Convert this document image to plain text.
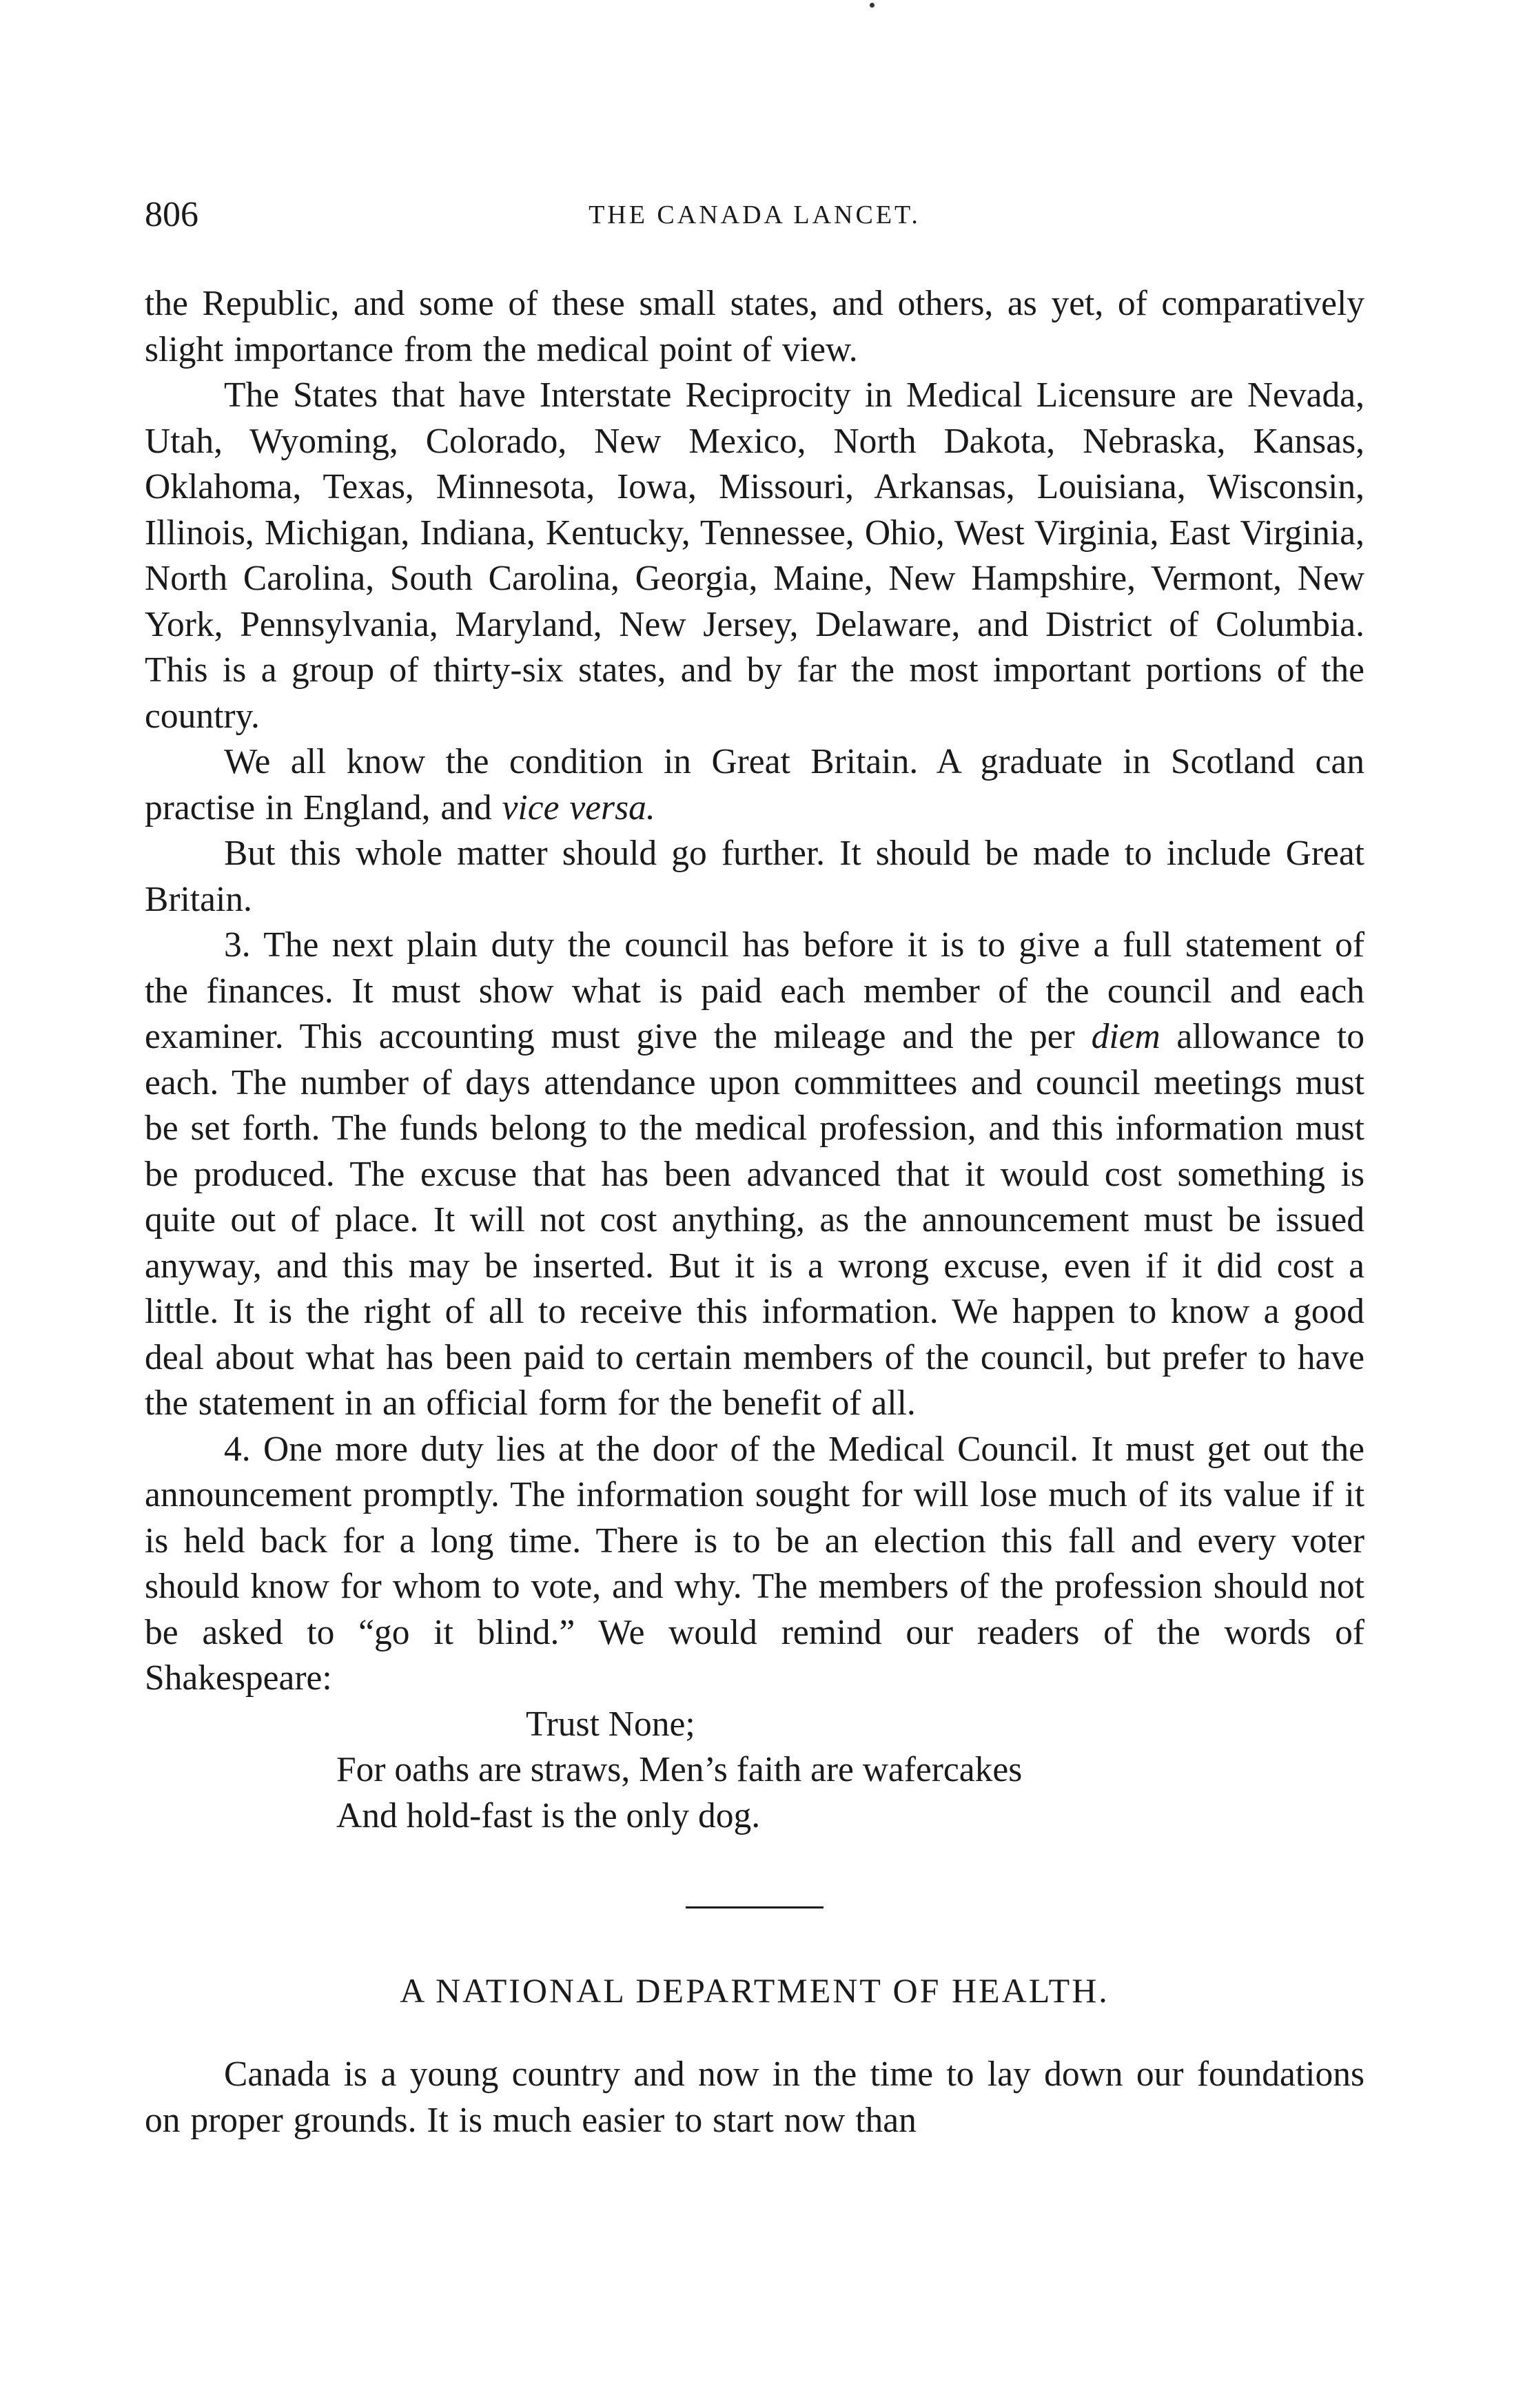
806	THE CANADA LANCET.

the Republic, and some of these small states, and others, as yet, of comparatively slight importance from the medical point of view.

The States that have Interstate Reciprocity in Medical Licensure are Nevada, Utah, Wyoming, Colorado, New Mexico, North Dakota, Nebraska, Kansas, Oklahoma, Texas, Minnesota, Iowa, Missouri, Arkansas, Louisiana, Wisconsin, Illinois, Michigan, Indiana, Kentucky, Tennessee, Ohio, West Virginia, East Virginia, North Carolina, South Carolina, Georgia, Maine, New Hampshire, Vermont, New York, Pennsylvania, Maryland, New Jersey, Delaware, and District of Columbia. This is a group of thirty-six states, and by far the most important portions of the country.

We all know the condition in Great Britain. A graduate in Scotland can practise in England, and vice versa.

But this whole matter should go further. It should be made to include Great Britain.

3. The next plain duty the council has before it is to give a full statement of the finances. It must show what is paid each member of the council and each examiner. This accounting must give the mileage and the per diem allowance to each. The number of days attendance upon committees and council meetings must be set forth. The funds belong to the medical profession, and this information must be produced. The excuse that has been advanced that it would cost something is quite out of place. It will not cost anything, as the announcement must be issued anyway, and this may be inserted. But it is a wrong excuse, even if it did cost a little. It is the right of all to receive this information. We happen to know a good deal about what has been paid to certain members of the council, but prefer to have the statement in an official form for the benefit of all.

4. One more duty lies at the door of the Medical Council. It must get out the announcement promptly. The information sought for will lose much of its value if it is held back for a long time. There is to be an election this fall and every voter should know for whom to vote, and why. The members of the profession should not be asked to “go it blind.” We would remind our readers of the words of Shakespeare:

Trust None;
For oaths are straws, Men’s faith are wafercakes
And hold-fast is the only dog.
A NATIONAL DEPARTMENT OF HEALTH.

Canada is a young country and now in the time to lay down our foundations on proper grounds. It is much easier to start now than
